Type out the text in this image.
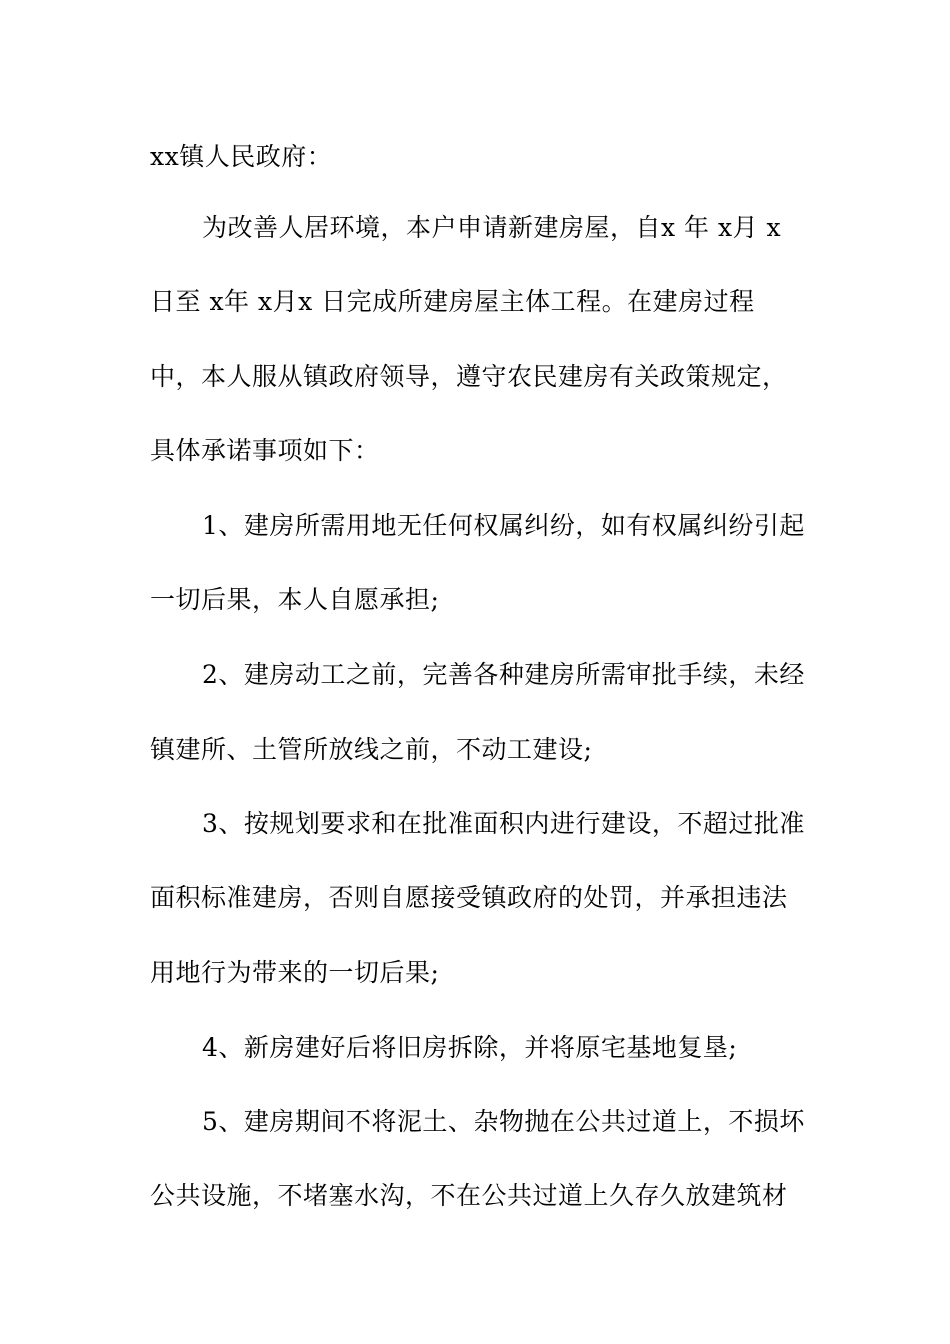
xx镇人民政府：
为改善人居环境，本户申请新建房屋，自x 年 x月 x
日至 x年 x月x 日完成所建房屋主体工程。在建房过程
中，本人服从镇政府领导，遵守农民建房有关政策规定，
具体承诺事项如下：
1、建房所需用地无任何权属纠纷，如有权属纠纷引起
一切后果，本人自愿承担;
2、建房动工之前，完善各种建房所需审批手续，未经
镇建所、土管所放线之前，不动工建设;
3、按规划要求和在批准面积内进行建设，不超过批准
面积标准建房，否则自愿接受镇政府的处罚，并承担违法
用地行为带来的一切后果;
4、新房建好后将旧房拆除，并将原宅基地复垦;
5、建房期间不将泥土、杂物抛在公共过道上，不损坏
公共设施，不堵塞水沟，不在公共过道上久存久放建筑材
